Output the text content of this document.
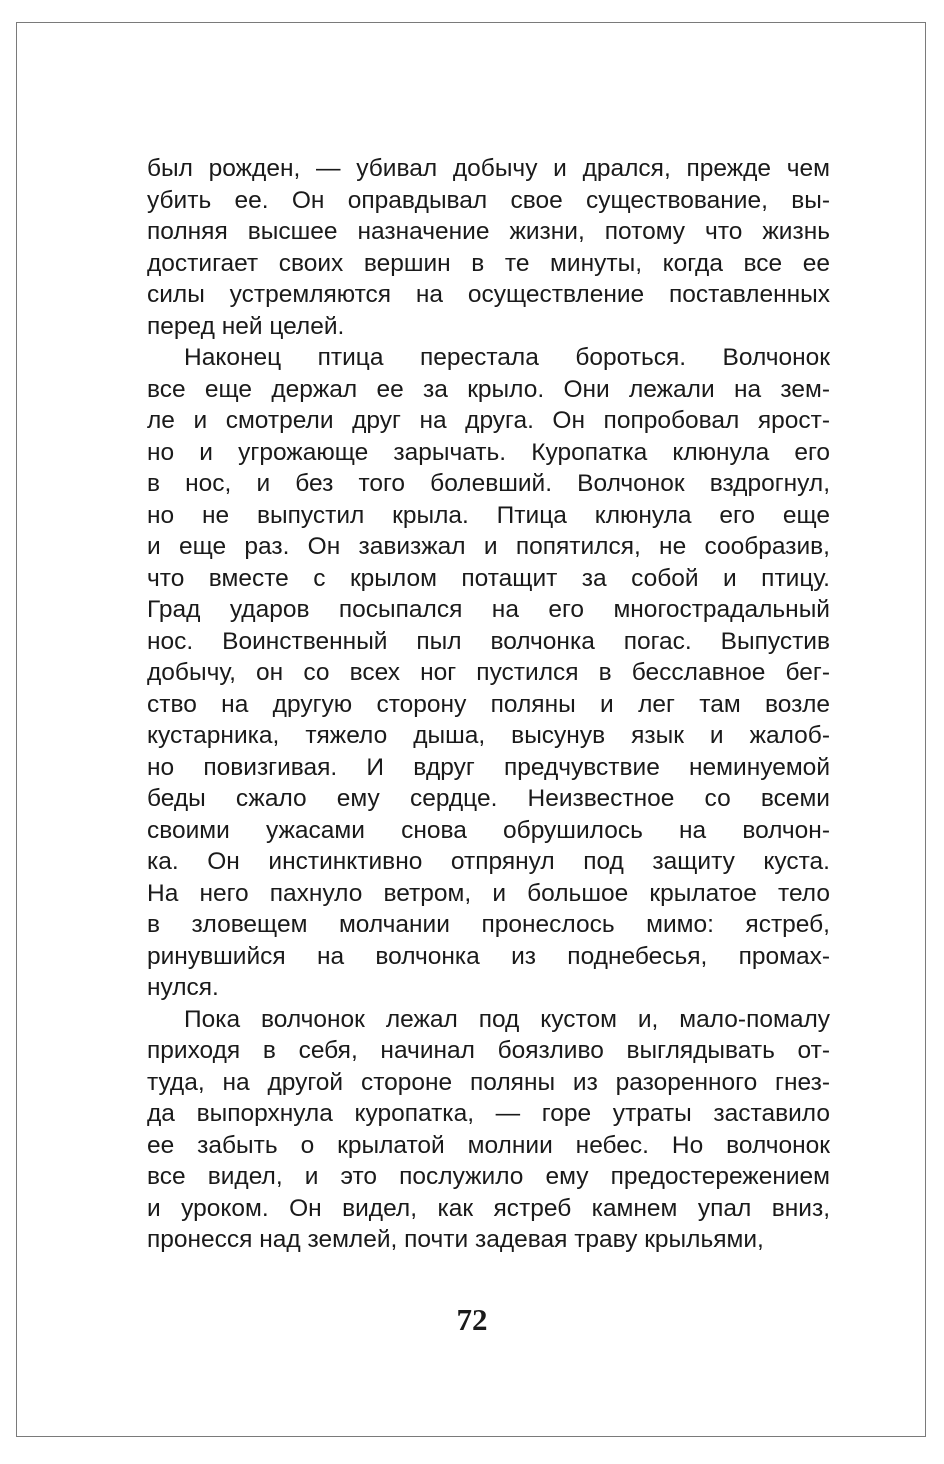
был рожден, — убивал добычу и дрался, прежде чем
убить ее. Он оправдывал свое существование, вы-
полняя высшее назначение жизни, потому что жизнь
достигает своих вершин в те минуты, когда все ее
силы устремляются на осуществление поставленных
перед ней целей.
Наконец птица перестала бороться. Волчонок
все еще держал ее за крыло. Они лежали на зем-
ле и смотрели друг на друга. Он попробовал ярост-
но и угрожающе зарычать. Куропатка клюнула его
в нос, и без того болевший. Волчонок вздрогнул,
но не выпустил крыла. Птица клюнула его еще
и еще раз. Он завизжал и попятился, не сообразив,
что вместе с крылом потащит за собой и птицу.
Град ударов посыпался на его многострадальный
нос. Воинственный пыл волчонка погас. Выпустив
добычу, он со всех ног пустился в бесславное бег-
ство на другую сторону поляны и лег там возле
кустарника, тяжело дыша, высунув язык и жалоб-
но повизгивая. И вдруг предчувствие неминуемой
беды сжало ему сердце. Неизвестное со всеми
своими ужасами снова обрушилось на волчон-
ка. Он инстинктивно отпрянул под защиту куста.
На него пахнуло ветром, и большое крылатое тело
в зловещем молчании пронеслось мимо: ястреб,
ринувшийся на волчонка из поднебесья, промах-
нулся.
Пока волчонок лежал под кустом и, мало-помалу
приходя в себя, начинал боязливо выглядывать от-
туда, на другой стороне поляны из разоренного гнез-
да выпорхнула куропатка, — горе утраты заставило
ее забыть о крылатой молнии небес. Но волчонок
все видел, и это послужило ему предостережением
и уроком. Он видел, как ястреб камнем упал вниз,
пронесся над землей, почти задевая траву крыльями,
72
